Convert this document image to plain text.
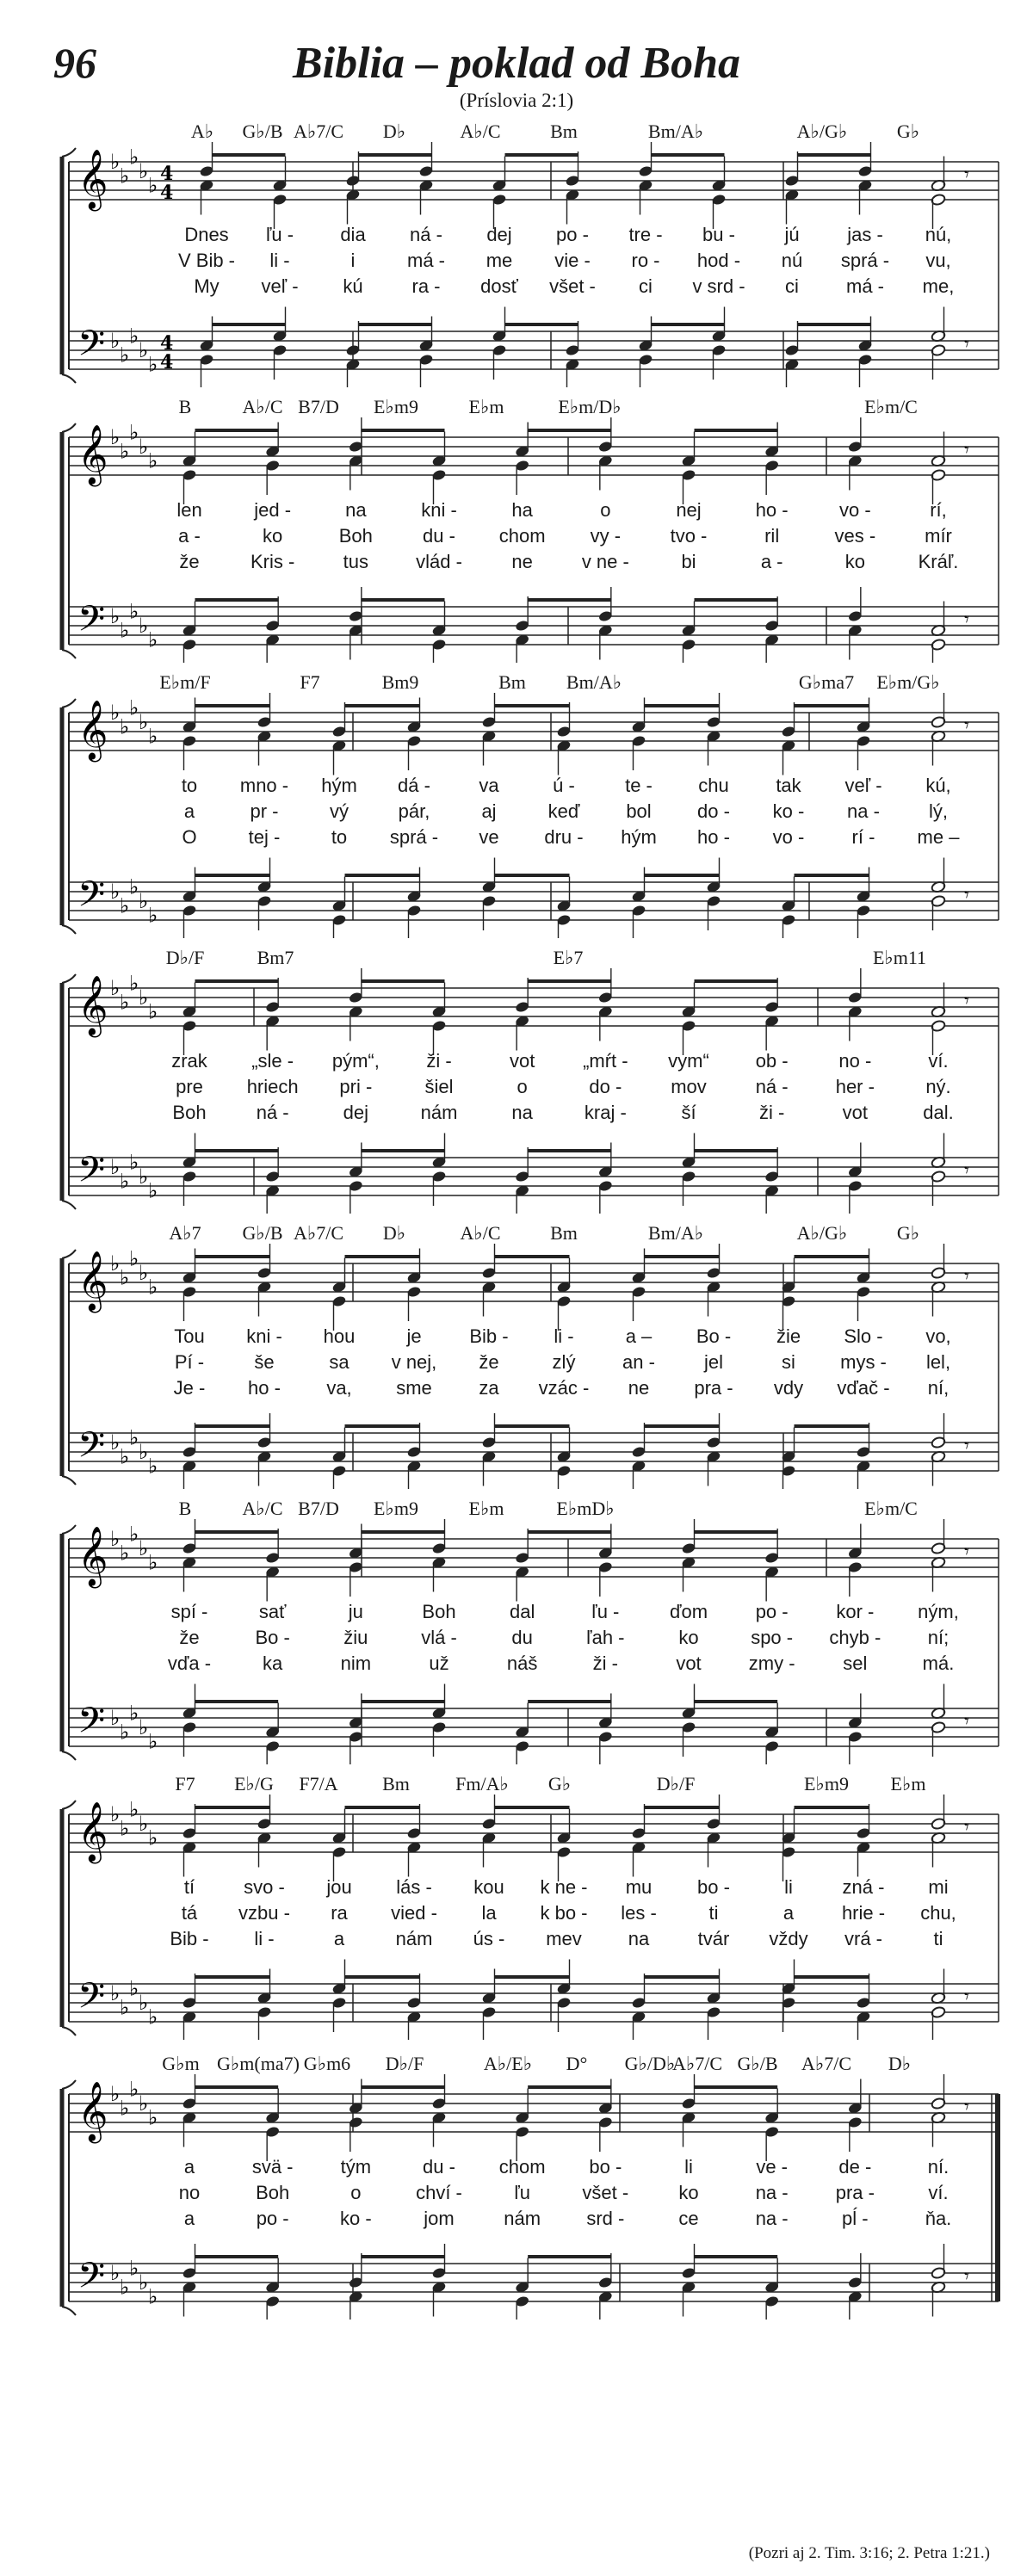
96	Biblia – poklad od Boha
(Príslovia 2:1)
𝄞
𝄢
♭
♭
♭
♭
♭
♭
♭
♭
♭
♭
4
4
4
4
𝄾
𝄾
A♭ G♭/B A♭7/C D♭	A♭/C	Bm	Bm/A♭	A♭/G♭	G♭
Dnes ľu - dia ná - dej po - tre - bu -	jú	jas - nú,
V Bib - li -	i	má - me vie - ro - hod - nú sprá - vu,
My veľ - kú	ra - dosť všet - ci v srd - ci	má - me,
𝄞
𝄢
♭
♭
♭
♭
♭
♭
♭
♭
♭
♭
𝄾
𝄾
B	A♭/C B7/D E♭m9	E♭m	E♭m/D♭	E♭m/C
len	jed -	na	kni -	ha	o	nej	ho -	vo -	rí,
a -	ko	Boh	du - chom vy -	tvo -	ril	ves -	mír
že	Kris -	tus	vlád -	ne	v ne -	bi	a -	ko	Kráľ.
𝄞
𝄢
♭
♭
♭
♭
♭
♭
♭
♭
♭
♭
𝄾
𝄾
E♭m/F	F7	Bm9	Bm Bm/A♭	G♭ma7 E♭m/G♭
to mno - hým dá -	va	ú -	te - chu tak veľ - kú,
a	pr -	vý	pár,	aj	keď bol do - ko - na -	lý,
O	tej -	to sprá - ve dru - hým ho - vo -	rí - me –
𝄞
𝄢
♭
♭
♭
♭
♭
♭
♭
♭
♭
♭
𝄾
𝄾
D♭/F	Bm7	E♭7	E♭m11
zrak „sle - pým“, ži -	vot	„mŕt - vym“ ob -	no -	ví.
pre hriech pri -	šiel	o	do -	mov	ná -	her -	ný.
Boh	ná -	dej	nám	na	kraj -	ší	ži -	vot	dal.
𝄞
𝄢
♭
♭
♭
♭
♭
♭
♭
♭
♭
♭
𝄾
𝄾
A♭7 G♭/B A♭7/C D♭	A♭/C	Bm	Bm/A♭	A♭/G♭	G♭
Tou kni - hou	je	Bib - li -	a – Bo - žie Slo - vo,
Pí -	še	sa v nej, že	zlý an -	jel	si mys - lel,
Je - ho - va, sme za vzác - ne pra - vdy vďač - ní,
𝄞
𝄢
♭
♭
♭
♭
♭
♭
♭
♭
♭
♭
𝄾
𝄾
B	A♭/C B7/D E♭m9	E♭m	E♭mD♭	E♭m/C
spí -	sať	ju	Boh	dal	ľu -	ďom	po -	kor - ným,
že	Bo -	žiu	vlá -	du	ľah -	ko	spo - chyb - ní;
vďa -	ka	nim	už	náš	ži -	vot	zmy -	sel	má.
𝄞
𝄢
♭
♭
♭
♭
♭
♭
♭
♭
♭
♭
𝄾
𝄾
F7 E♭/G F7/A Bm Fm/A♭ G♭	D♭/F	E♭m9 E♭m
tí	svo - jou lás - kou k ne - mu bo -	li	zná - mi
tá vzbu - ra vied - la k bo - les -	ti	a	hrie - chu,
Bib - li -	a	nám ús - mev na	tvár vždy vrá -	ti
𝄞
𝄢
♭
♭
♭
♭
♭
♭
♭
♭
♭
♭
𝄾
𝄾
G♭m G♭m(ma7) G♭m6 D♭/F	A♭/E♭ D° G♭/D♭
A♭7/C G♭/B A♭7/C D♭
a	svä -	tým	du - chom bo -	li	ve -	de -	ní.
no	Boh	o	chví -	ľu	všet -	ko	na -	pra -	ví.
a	po -	ko -	jom	nám srd -	ce	na -	pĺ -	ňa.
(Pozri aj 2. Tim. 3:16; 2. Petra 1:21.)
